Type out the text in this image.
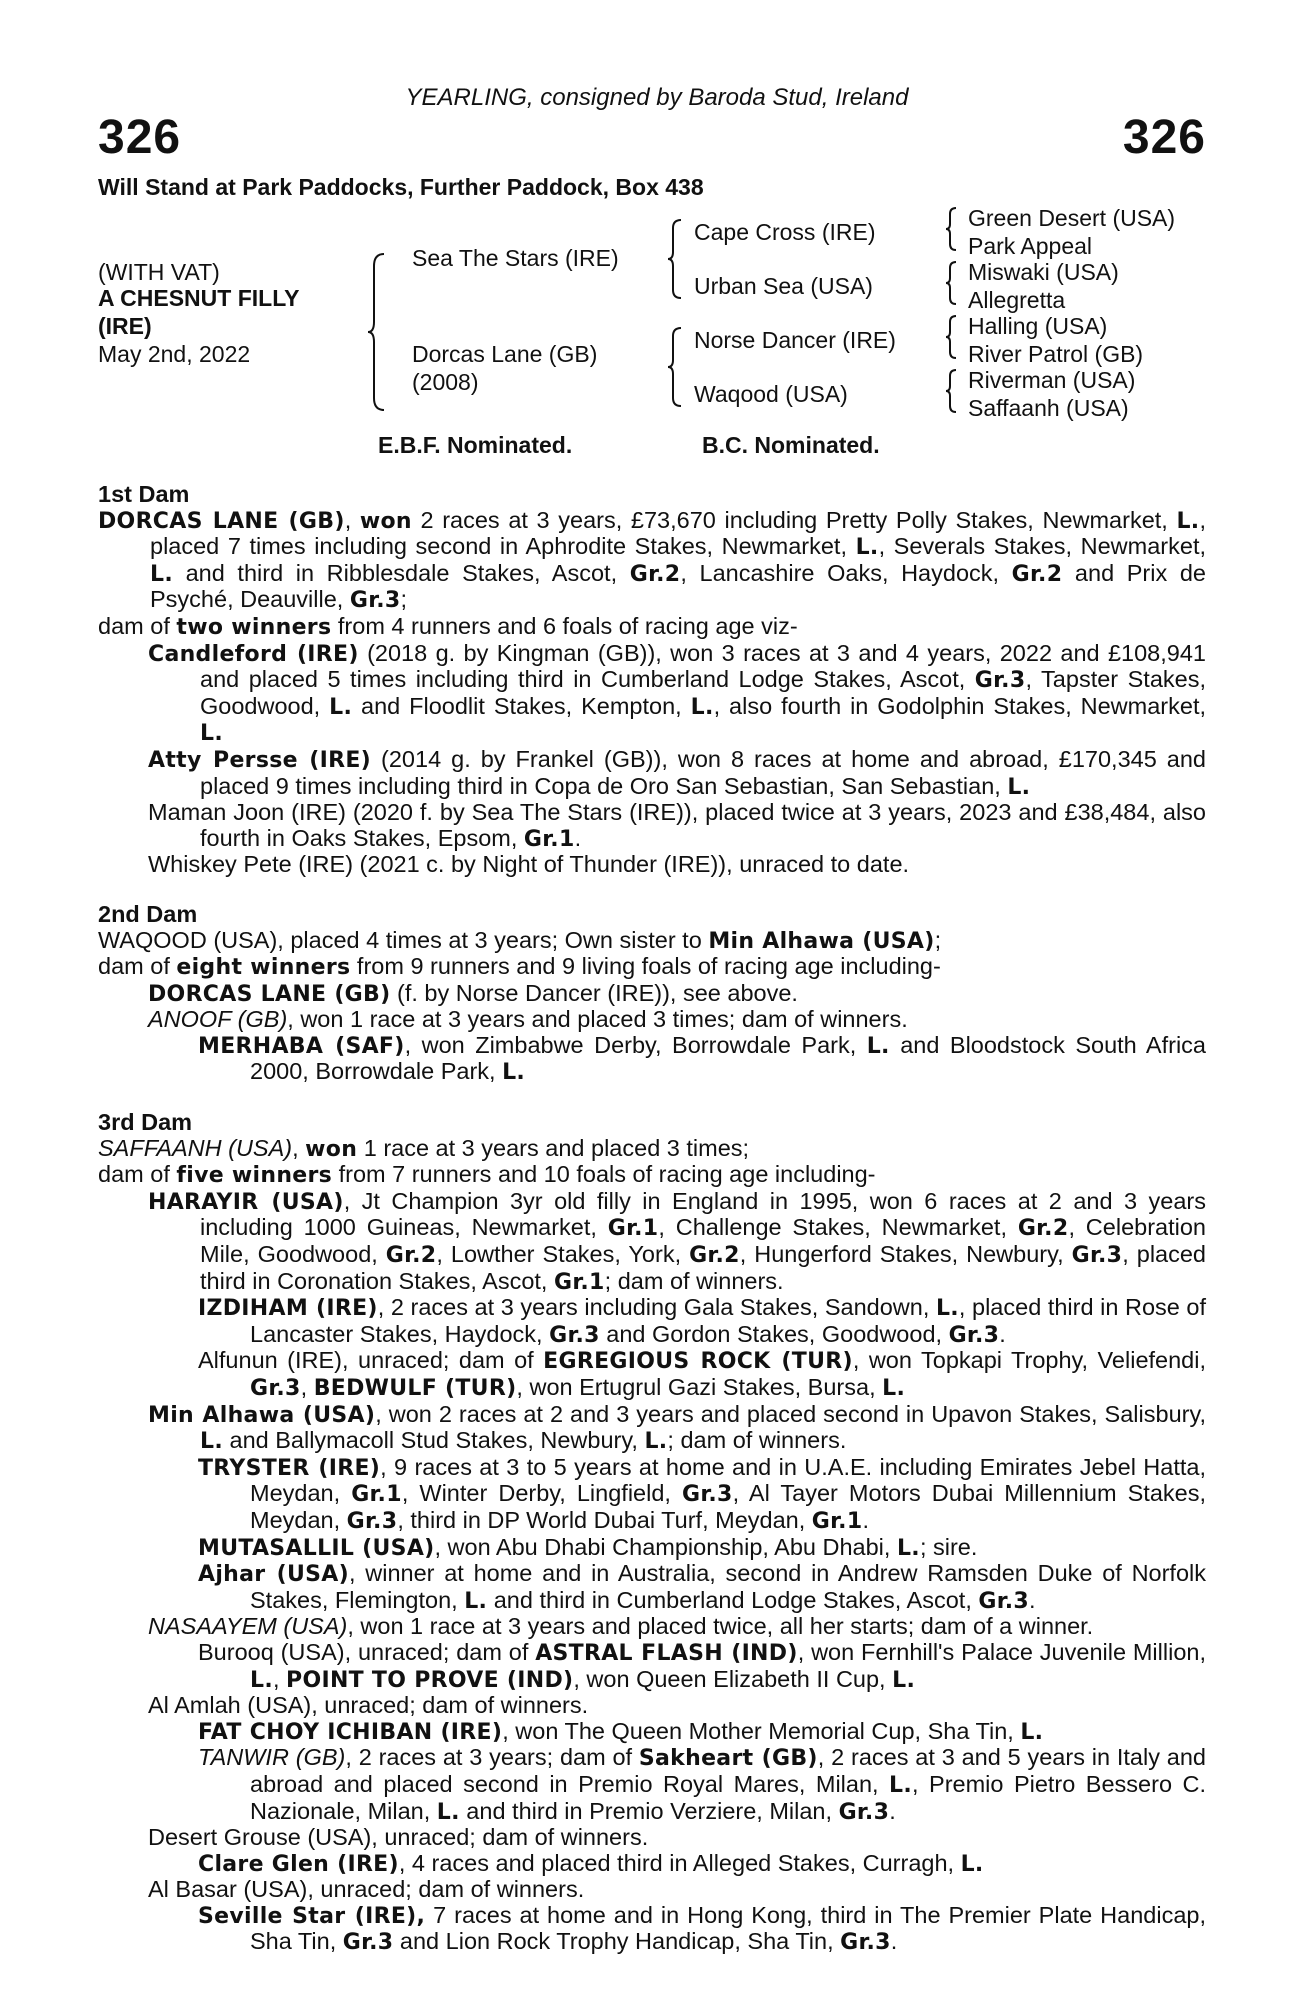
YEARLING, consigned by Baroda Stud, Ireland
326	326
Will Stand at Park Paddocks, Further Paddock, Box 438
(WITH VAT)
A CHESNUT FILLY
(IRE)
May 2nd, 2022
Sea The Stars (IRE)
Dorcas Lane (GB)
(2008)
Cape Cross (IRE)
Urban Sea (USA)
Norse Dancer (IRE)
Waqood (USA)
Green Desert (USA)
Park Appeal
Miswaki (USA)
Allegretta
Halling (USA)
River Patrol (GB)
Riverman (USA)
Saffaanh (USA)
E.B.F. Nominated.	B.C. Nominated.

1st Dam

DORCAS LANE (GB), won 2 races at 3 years, £73,670 including Pretty Polly Stakes, Newmarket, L., placed 7 times including second in Aphrodite Stakes, Newmarket, L., Severals Stakes, Newmarket, L. and third in Ribblesdale Stakes, Ascot, Gr.2, Lancashire Oaks, Haydock, Gr.2 and Prix de Psyché, Deauville, Gr.3;

dam of two winners from 4 runners and 6 foals of racing age viz-

Candleford (IRE) (2018 g. by Kingman (GB)), won 3 races at 3 and 4 years, 2022 and £108,941 and placed 5 times including third in Cumberland Lodge Stakes, Ascot, Gr.3, Tapster Stakes, Goodwood, L. and Floodlit Stakes, Kempton, L., also fourth in Godolphin Stakes, Newmarket, L.

Atty Persse (IRE) (2014 g. by Frankel (GB)), won 8 races at home and abroad, £170,345 and placed 9 times including third in Copa de Oro San Sebastian, San Sebastian, L.

Maman Joon (IRE) (2020 f. by Sea The Stars (IRE)), placed twice at 3 years, 2023 and £38,484, also fourth in Oaks Stakes, Epsom, Gr.1.

Whiskey Pete (IRE) (2021 c. by Night of Thunder (IRE)), unraced to date.

2nd Dam

WAQOOD (USA), placed 4 times at 3 years; Own sister to Min Alhawa (USA);

dam of eight winners from 9 runners and 9 living foals of racing age including-

DORCAS LANE (GB) (f. by Norse Dancer (IRE)), see above.

ANOOF (GB), won 1 race at 3 years and placed 3 times; dam of winners.

MERHABA (SAF), won Zimbabwe Derby, Borrowdale Park, L. and Bloodstock South Africa 2000, Borrowdale Park, L.

3rd Dam

SAFFAANH (USA), won 1 race at 3 years and placed 3 times;

dam of five winners from 7 runners and 10 foals of racing age including-

HARAYIR (USA), Jt Champion 3yr old filly in England in 1995, won 6 races at 2 and 3 years including 1000 Guineas, Newmarket, Gr.1, Challenge Stakes, Newmarket, Gr.2, Celebration Mile, Goodwood, Gr.2, Lowther Stakes, York, Gr.2, Hungerford Stakes, Newbury, Gr.3, placed third in Coronation Stakes, Ascot, Gr.1; dam of winners.

IZDIHAM (IRE), 2 races at 3 years including Gala Stakes, Sandown, L., placed third in Rose of Lancaster Stakes, Haydock, Gr.3 and Gordon Stakes, Goodwood, Gr.3.

Alfunun (IRE), unraced; dam of EGREGIOUS ROCK (TUR), won Topkapi Trophy, Veliefendi, Gr.3, BEDWULF (TUR), won Ertugrul Gazi Stakes, Bursa, L.

Min Alhawa (USA), won 2 races at 2 and 3 years and placed second in Upavon Stakes, Salisbury, L. and Ballymacoll Stud Stakes, Newbury, L.; dam of winners.

TRYSTER (IRE), 9 races at 3 to 5 years at home and in U.A.E. including Emirates Jebel Hatta, Meydan, Gr.1, Winter Derby, Lingfield, Gr.3, Al Tayer Motors Dubai Millennium Stakes, Meydan, Gr.3, third in DP World Dubai Turf, Meydan, Gr.1.

MUTASALLIL (USA), won Abu Dhabi Championship, Abu Dhabi, L.; sire.

Ajhar (USA), winner at home and in Australia, second in Andrew Ramsden Duke of Norfolk Stakes, Flemington, L. and third in Cumberland Lodge Stakes, Ascot, Gr.3.

NASAAYEM (USA), won 1 race at 3 years and placed twice, all her starts; dam of a winner.

Burooq (USA), unraced; dam of ASTRAL FLASH (IND), won Fernhill's Palace Juvenile Million, L., POINT TO PROVE (IND), won Queen Elizabeth II Cup, L.

Al Amlah (USA), unraced; dam of winners.

FAT CHOY ICHIBAN (IRE), won The Queen Mother Memorial Cup, Sha Tin, L.

TANWIR (GB), 2 races at 3 years; dam of Sakheart (GB), 2 races at 3 and 5 years in Italy and abroad and placed second in Premio Royal Mares, Milan, L., Premio Pietro Bessero C. Nazionale, Milan, L. and third in Premio Verziere, Milan, Gr.3.

Desert Grouse (USA), unraced; dam of winners.

Clare Glen (IRE), 4 races and placed third in Alleged Stakes, Curragh, L.

Al Basar (USA), unraced; dam of winners.

Seville Star (IRE), 7 races at home and in Hong Kong, third in The Premier Plate Handicap, Sha Tin, Gr.3 and Lion Rock Trophy Handicap, Sha Tin, Gr.3.
